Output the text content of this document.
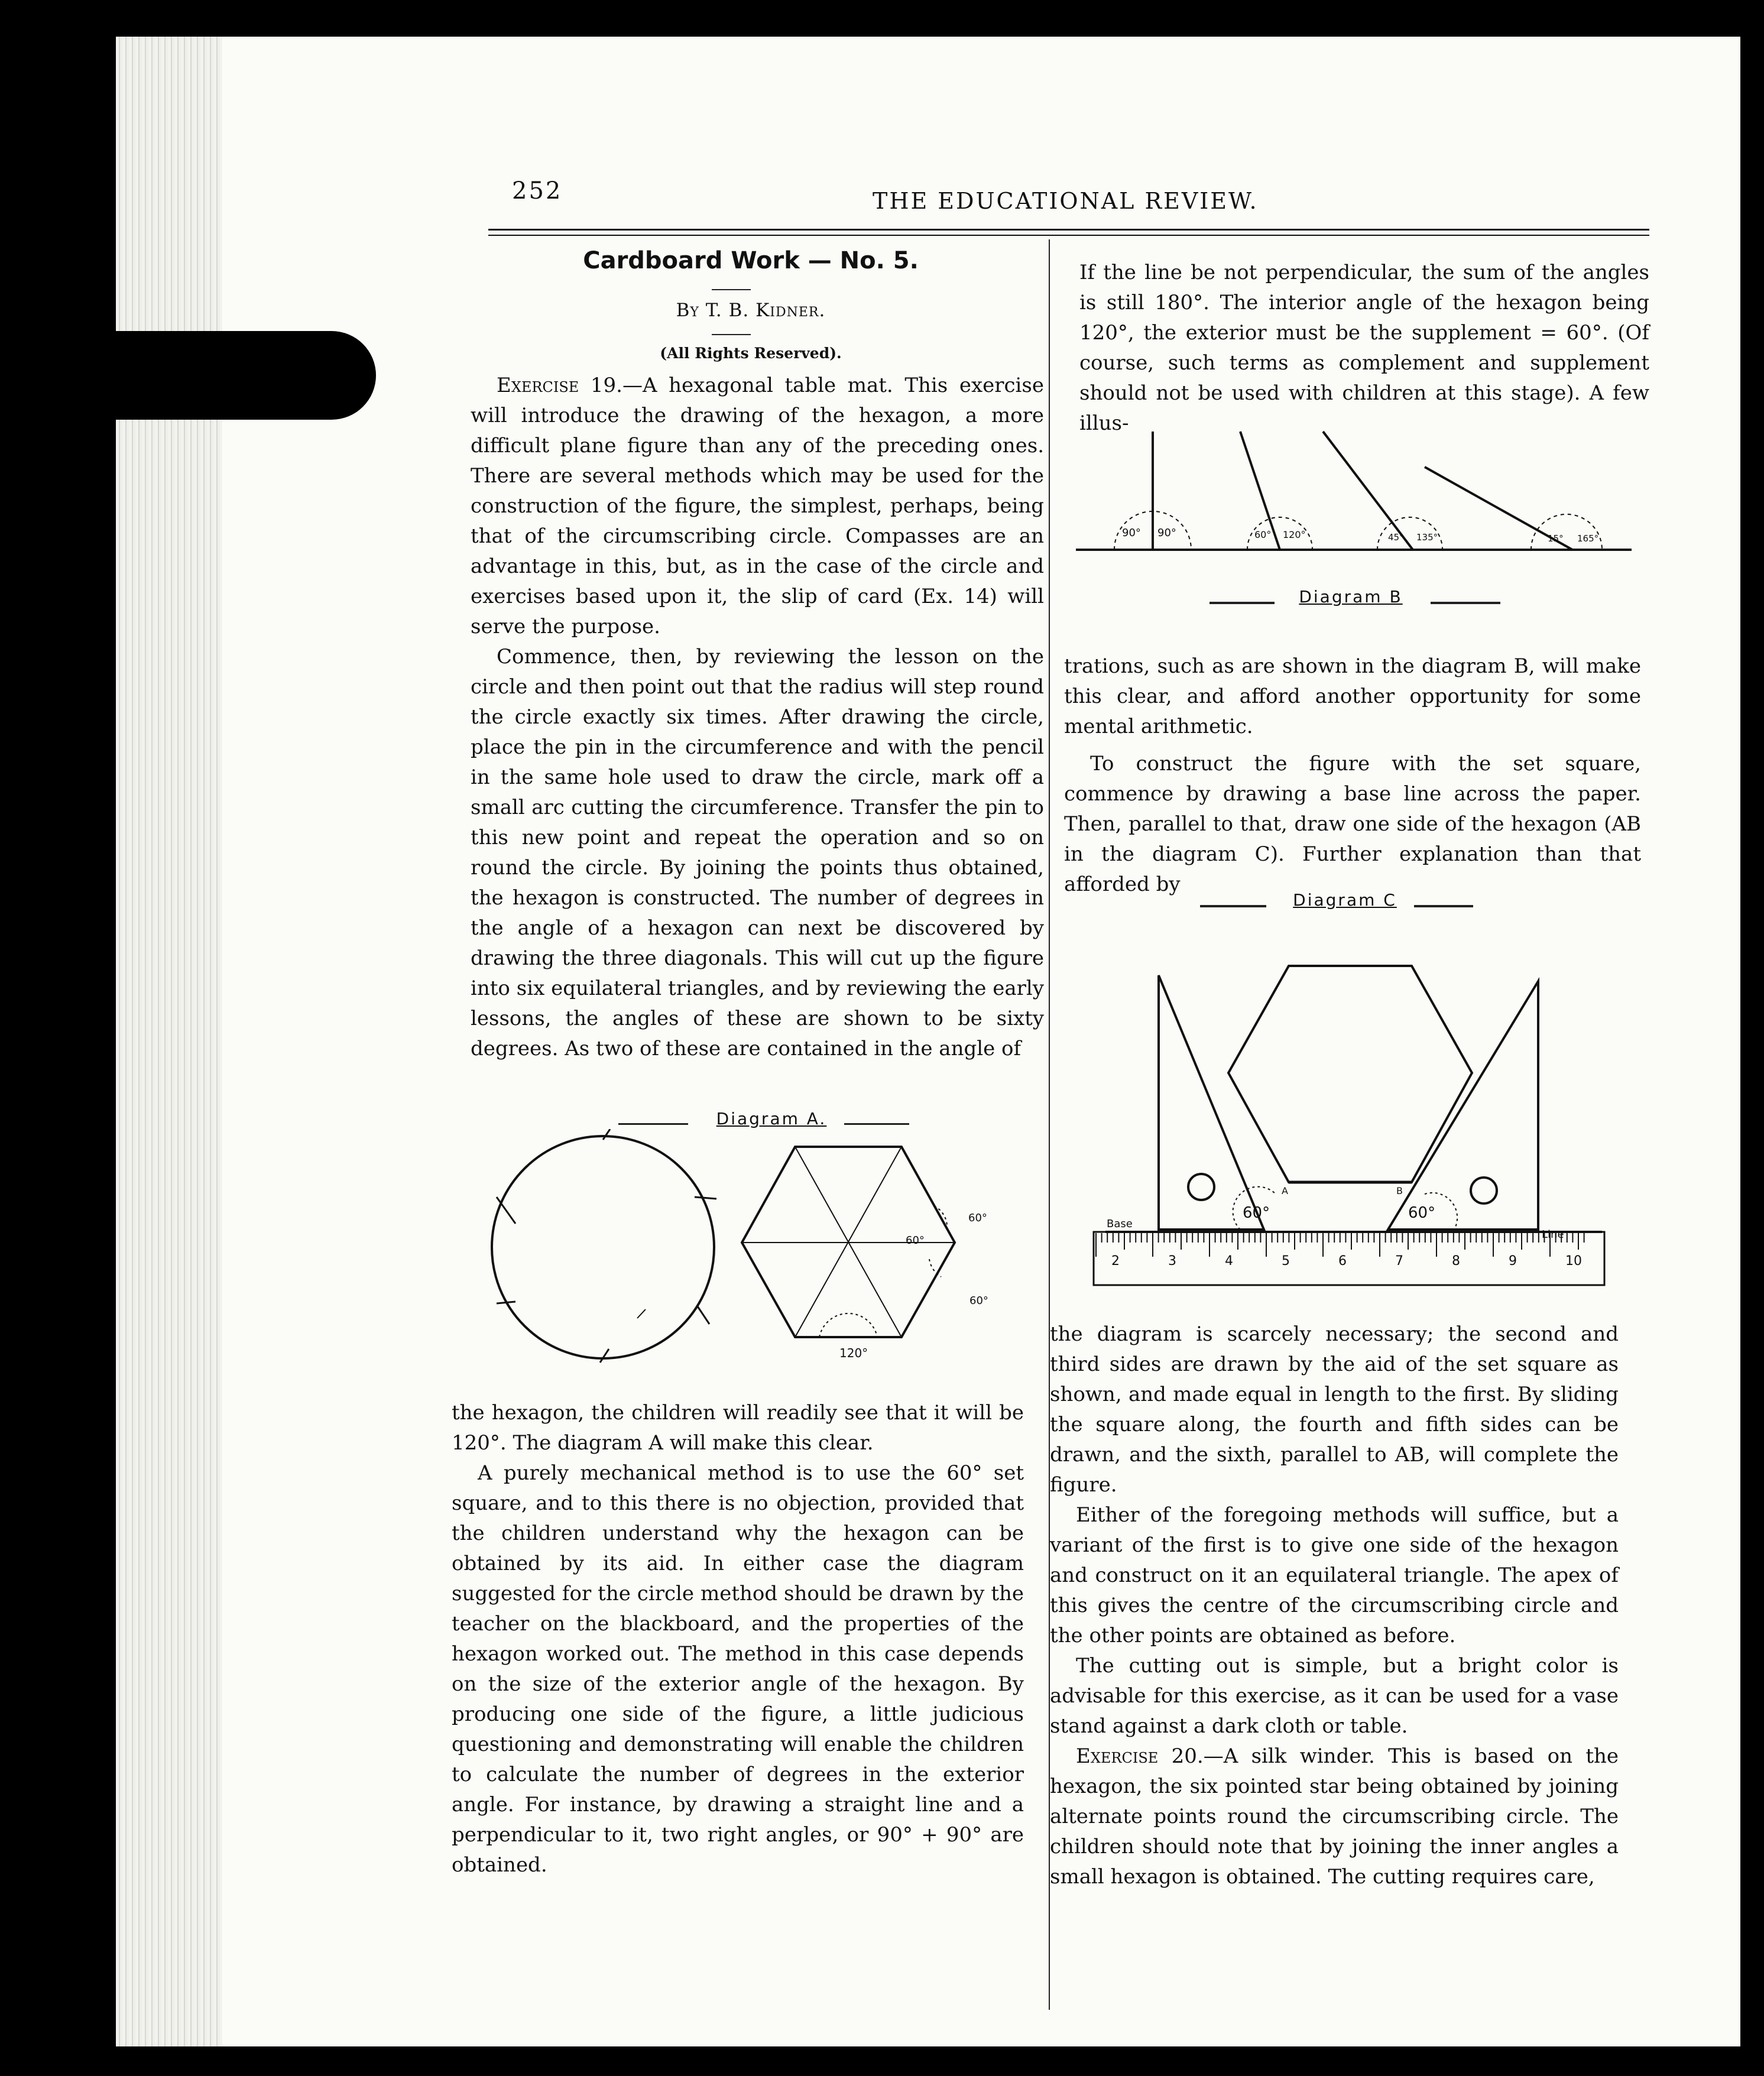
252	THE EDUCATIONAL REVIEW.
Cardboard Work — No. 5.
By T. B. Kidner.
(All Rights Reserved).

Exercise 19.—A hexagonal table mat. This exercise will introduce the drawing of the hexagon, a more difficult plane figure than any of the preceding ones. There are several methods which may be used for the construction of the figure, the simplest, perhaps, being that of the circumscribing circle. Compasses are an advantage in this, but, as in the case of the circle and exercises based upon it, the slip of card (Ex. 14) will serve the purpose.

Commence, then, by reviewing the lesson on the circle and then point out that the radius will step round the circle exactly six times. After drawing the circle, place the pin in the circumference and with the pencil in the same hole used to draw the circle, mark off a small arc cutting the circumference. Transfer the pin to this new point and repeat the operation and so on round the circle. By joining the points thus obtained, the hexagon is constructed. The number of degrees in the angle of a hexagon can next be discovered by drawing the three diagonals. This will cut up the figure into six equilateral triangles, and by reviewing the early lessons, the angles of these are shown to be sixty degrees. As two of these are contained in the angle of

Diagram A.
60°
60°
60°
120°

the hexagon, the children will readily see that it will be 120°. The diagram A will make this clear.

A purely mechanical method is to use the 60° set square, and to this there is no objection, provided that the children understand why the hexagon can be obtained by its aid. In either case the diagram suggested for the circle method should be drawn by the teacher on the blackboard, and the properties of the hexagon worked out. The method in this case depends on the size of the exterior angle of the hexagon. By producing one side of the figure, a little judicious questioning and demonstrating will enable the children to calculate the number of degrees in the exterior angle. For instance, by drawing a straight line and a perpendicular to it, two right angles, or 90° + 90° are obtained.

If the line be not perpendicular, the sum of the angles is still 180°. The interior angle of the hexagon being 120°, the exterior must be the supplement = 60°. (Of course, such terms as complement and supplement should not be used with children at this stage). A few illus-

90° 90°	60° 120°	45° 135°	15° 165°
Diagram B

trations, such as are shown in the diagram B, will make this clear, and afford another opportunity for some mental arithmetic.

To construct the figure with the set square, commence by drawing a base line across the paper. Then, parallel to that, draw one side of the hexagon (AB in the diagram C). Further explanation than that afforded by

Diagram C
A	B
60°	60°
Base
Line
2	3	4	5	6	7	8	9	10

the diagram is scarcely necessary; the second and third sides are drawn by the aid of the set square as shown, and made equal in length to the first. By sliding the square along, the fourth and fifth sides can be drawn, and the sixth, parallel to AB, will complete the figure.

Either of the foregoing methods will suffice, but a variant of the first is to give one side of the hexagon and construct on it an equilateral triangle. The apex of this gives the centre of the circumscribing circle and the other points are obtained as before.

The cutting out is simple, but a bright color is advisable for this exercise, as it can be used for a vase stand against a dark cloth or table.

Exercise 20.—A silk winder. This is based on the hexagon, the six pointed star being obtained by joining alternate points round the circumscribing circle. The children should note that by joining the inner angles a small hexagon is obtained. The cutting requires care,
